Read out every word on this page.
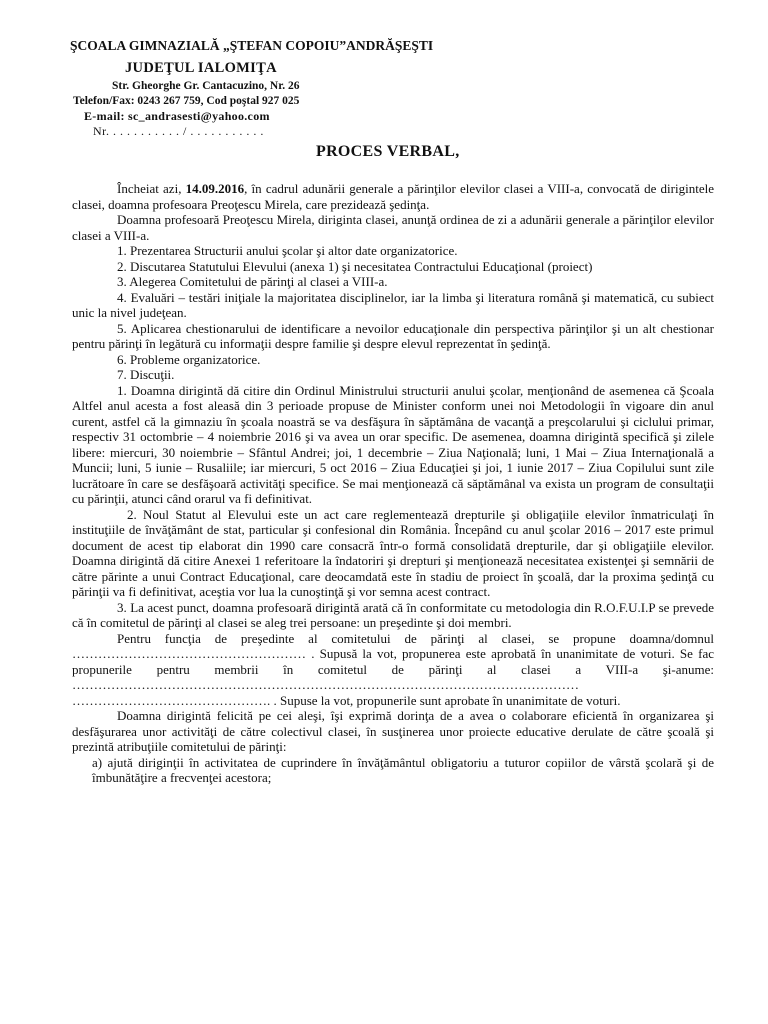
ŞCOALA GIMNAZIALĂ „ŞTEFAN COPOIU”ANDRĂŞEŞTI
JUDEŢUL IALOMIŢA
Str. Gheorghe Gr. Cantacuzino, Nr. 26
Telefon/Fax: 0243 267 759, Cod poştal 927 025
E-mail: sc_andrasesti@yahoo.com
Nr. . . . . . . . . . . / . . . . . . . . . . .
PROCES VERBAL,

Încheiat azi, 14.09.2016, în cadrul adunării generale a părinţilor elevilor clasei a VIII-a, convocată de dirigintele clasei, doamna profesoara Preoţescu Mirela, care prezidează şedinţa.

Doamna profesoară Preoţescu Mirela, diriginta clasei, anunţă ordinea de zi a adunării generale a părinţilor elevilor clasei a VIII-a.

1. Prezentarea Structurii anului şcolar şi altor date organizatorice.

2. Discutarea Statutului Elevului (anexa 1) şi necesitatea Contractului Educaţional (proiect)

3. Alegerea Comitetului de părinţi al clasei a VIII-a.

4. Evaluări – testări iniţiale la majoritatea disciplinelor, iar la limba şi literatura română şi matematică, cu subiect unic la nivel judeţean.

5. Aplicarea chestionarului de identificare a nevoilor educaţionale din perspectiva părinţilor şi un alt chestionar pentru părinţi în legătură cu informaţii despre familie şi despre elevul reprezentat în şedinţă.

6. Probleme organizatorice.

7. Discuţii.

1. Doamna dirigintă dă citire din Ordinul Ministrului structurii anului şcolar, menţionând de asemenea că Şcoala Altfel anul acesta a fost aleasă din 3 perioade propuse de Minister conform unei noi Metodologii în vigoare din anul curent, astfel că la gimnaziu în şcoala noastră se va desfăşura în săptămâna de vacanţă a preşcolarului şi ciclului primar, respectiv 31 octombrie – 4 noiembrie 2016 şi va avea un orar specific. De asemenea, doamna dirigintă specifică şi zilele libere: miercuri, 30 noiembrie – Sfântul Andrei; joi, 1 decembrie – Ziua Naţională; luni, 1 Mai – Ziua Internaţională a Muncii; luni, 5 iunie – Rusaliile; iar miercuri, 5 oct 2016 – Ziua Educaţiei şi joi, 1 iunie 2017 – Ziua Copilului sunt zile lucrătoare în care se desfăşoară activităţi specifice. Se mai menţionează că săptămânal va exista un program de consultaţii cu părinţii, atunci când orarul va fi definitivat.

2. Noul Statut al Elevului este un act care reglementează drepturile şi obligaţiile elevilor înmatriculaţi în instituţiile de învăţământ de stat, particular şi confesional din România. Începând cu anul şcolar 2016 – 2017 este primul document de acest tip elaborat din 1990 care consacră într-o formă consolidată drepturile, dar şi obligaţiile elevilor. Doamna dirigintă dă citire Anexei 1 referitoare la îndatoriri şi drepturi şi menţionează necesitatea existenţei şi semnării de către părinte a unui Contract Educaţional, care deocamdată este în stadiu de proiect în şcoală, dar la proxima şedinţă cu părinţii va fi definitivat, aceştia vor lua la cunoştinţă şi vor semna acest contract.

3. La acest punct, doamna profesoară dirigintă arată că în conformitate cu metodologia din R.O.F.U.I.P se prevede că în comitetul de părinţi al clasei se aleg trei persoane: un preşedinte şi doi membri.

Pentru funcţia de preşedinte al comitetului de părinţi al clasei, se propune doamna/domnul ……………………………………………… . Supusă la vot, propunerea este aprobată în unanimitate de voturi. Se fac propunerile pentru membrii în comitetul de părinţi al clasei a VIII-a şi-anume: ……………………………………………………………………………………………………… ………………………………………. . Supuse la vot, propunerile sunt aprobate în unanimitate de voturi.

Doamna dirigintă felicită pe cei aleşi, îşi exprimă dorinţa de a avea o colaborare eficientă în organizarea şi desfăşurarea unor activităţi de către colectivul clasei, în susţinerea unor proiecte educative derulate de către şcoală şi prezintă atribuţiile comitetului de părinţi:

a) ajută diriginţii în activitatea de cuprindere în învăţământul obligatoriu a tuturor copiilor de vârstă şcolară şi de îmbunătăţire a frecvenţei acestora;
